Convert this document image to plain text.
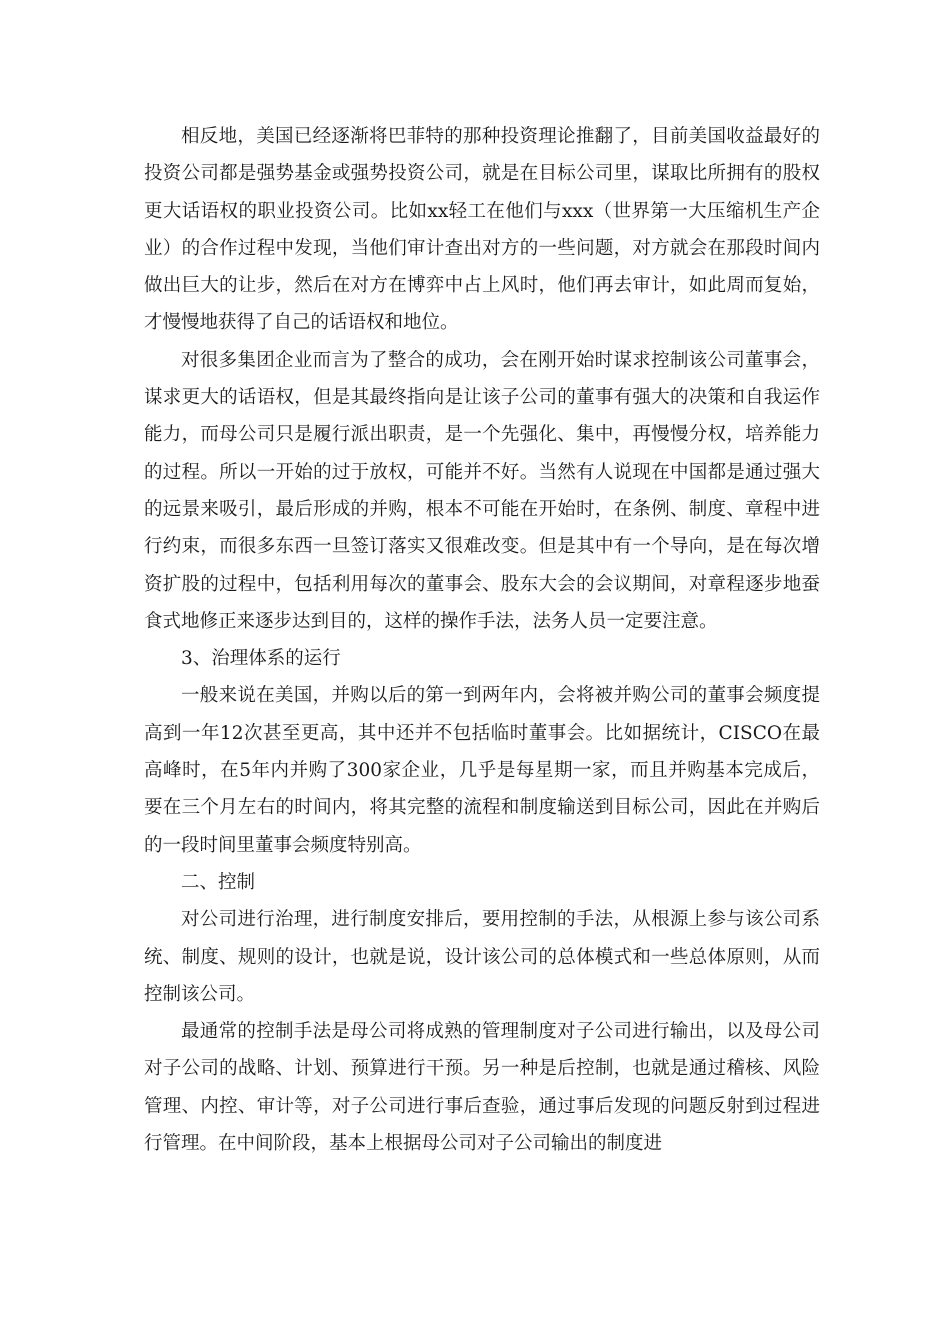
相反地，美国已经逐渐将巴菲特的那种投资理论推翻了，目前美国收益最好的投资公司都是强势基金或强势投资公司，就是在目标公司里，谋取比所拥有的股权更大话语权的职业投资公司。比如xx轻工在他们与xxx（世界第一大压缩机生产企业）的合作过程中发现，当他们审计查出对方的一些问题，对方就会在那段时间内做出巨大的让步，然后在对方在博弈中占上风时，他们再去审计，如此周而复始，才慢慢地获得了自己的话语权和地位。

对很多集团企业而言为了整合的成功，会在刚开始时谋求控制该公司董事会，谋求更大的话语权，但是其最终指向是让该子公司的董事有强大的决策和自我运作能力，而母公司只是履行派出职责，是一个先强化、集中，再慢慢分权，培养能力的过程。所以一开始的过于放权，可能并不好。当然有人说现在中国都是通过强大的远景来吸引，最后形成的并购，根本不可能在开始时，在条例、制度、章程中进行约束，而很多东西一旦签订落实又很难改变。但是其中有一个导向，是在每次增资扩股的过程中，包括利用每次的董事会、股东大会的会议期间，对章程逐步地蚕食式地修正来逐步达到目的，这样的操作手法，法务人员一定要注意。

3、治理体系的运行

一般来说在美国，并购以后的第一到两年内，会将被并购公司的董事会频度提高到一年12次甚至更高，其中还并不包括临时董事会。比如据统计，CISCO在最高峰时，在5年内并购了300家企业，几乎是每星期一家，而且并购基本完成后，要在三个月左右的时间内，将其完整的流程和制度输送到目标公司，因此在并购后的一段时间里董事会频度特别高。

二、控制

对公司进行治理，进行制度安排后，要用控制的手法，从根源上参与该公司系统、制度、规则的设计，也就是说，设计该公司的总体模式和一些总体原则，从而控制该公司。

最通常的控制手法是母公司将成熟的管理制度对子公司进行输出，以及母公司对子公司的战略、计划、预算进行干预。另一种是后控制，也就是通过稽核、风险管理、内控、审计等，对子公司进行事后查验，通过事后发现的问题反射到过程进行管理。在中间阶段，基本上根据母公司对子公司输出的制度进
